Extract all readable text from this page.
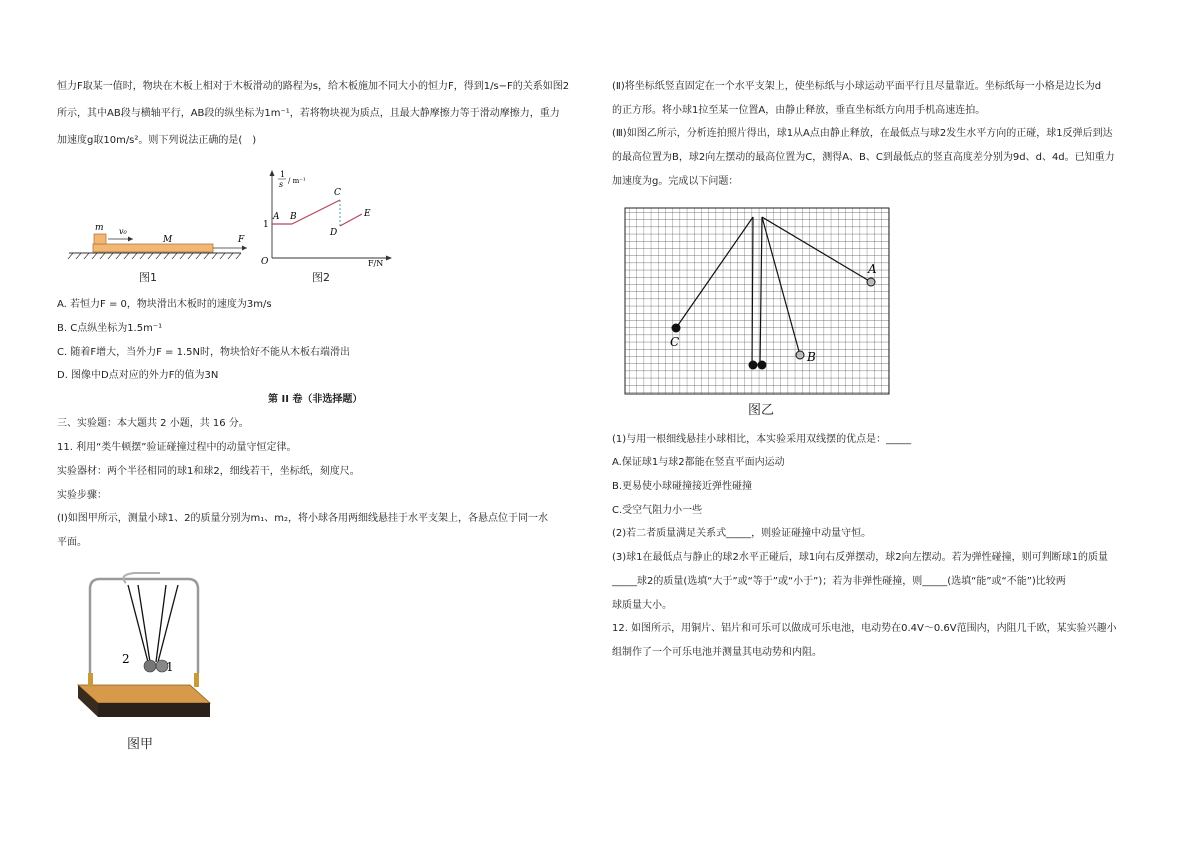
恒力F取某一值时，物块在木板上相对于木板滑动的路程为s，给木板施加不同大小的恒力F，得到1/s−F的关系如图2
所示，其中AB段与横轴平行，AB段的纵坐标为1m⁻¹，若将物块视为质点，且最大静摩擦力等于滑动摩擦力，重力
加速度g取10m/s²。则下列说法正确的是(　)
m v₀
M	F
图1
A B
C
D
E
1
O	F/N
1
s / m⁻¹
图2
A. 若恒力F = 0，物块滑出木板时的速度为3m/s
B. C点纵坐标为1.5m⁻¹
C. 随着F增大，当外力F = 1.5N时，物块恰好不能从木板右端滑出
D. 图像中D点对应的外力F的值为3N
第 II 卷（非选择题）
三、实验题：本大题共 2 小题，共 16 分。
11. 利用“类牛顿摆”验证碰撞过程中的动量守恒定律。
实验器材：两个半径相同的球1和球2，细线若干，坐标纸，刻度尺。
实验步骤：
(Ⅰ)如图甲所示，测量小球1、2的质量分别为m₁、m₂，将小球各用两细线悬挂于水平支架上，各悬点位于同一水
平面。
2
1
图甲
(Ⅱ)将坐标纸竖直固定在一个水平支架上，使坐标纸与小球运动平面平行且尽量靠近。坐标纸每一小格是边长为d
的正方形。将小球1拉至某一位置A，由静止释放，垂直坐标纸方向用手机高速连拍。
(Ⅲ)如图乙所示，分析连拍照片得出，球1从A点由静止释放，在最低点与球2发生水平方向的正碰，球1反弹后到达
的最高位置为B，球2向左摆动的最高位置为C，测得A、B、C到最低点的竖直高度差分别为9d、d、4d。已知重力
加速度为g。完成以下问题：
C
B
A
图乙
(1)与用一根细线悬挂小球相比，本实验采用双线摆的优点是：_____
A.保证球1与球2都能在竖直平面内运动
B.更易使小球碰撞接近弹性碰撞
C.受空气阻力小一些
(2)若二者质量满足关系式_____，则验证碰撞中动量守恒。
(3)球1在最低点与静止的球2水平正碰后，球1向右反弹摆动，球2向左摆动。若为弹性碰撞，则可判断球1的质量
_____球2的质量(选填“大于”或“等于”或“小于”)；若为非弹性碰撞，则_____(选填“能”或“不能”)比较两
球质量大小。
12. 如图所示，用铜片、铝片和可乐可以做成可乐电池，电动势在0.4V～0.6V范围内，内阻几千欧，某实验兴趣小
组制作了一个可乐电池并测量其电动势和内阻。
